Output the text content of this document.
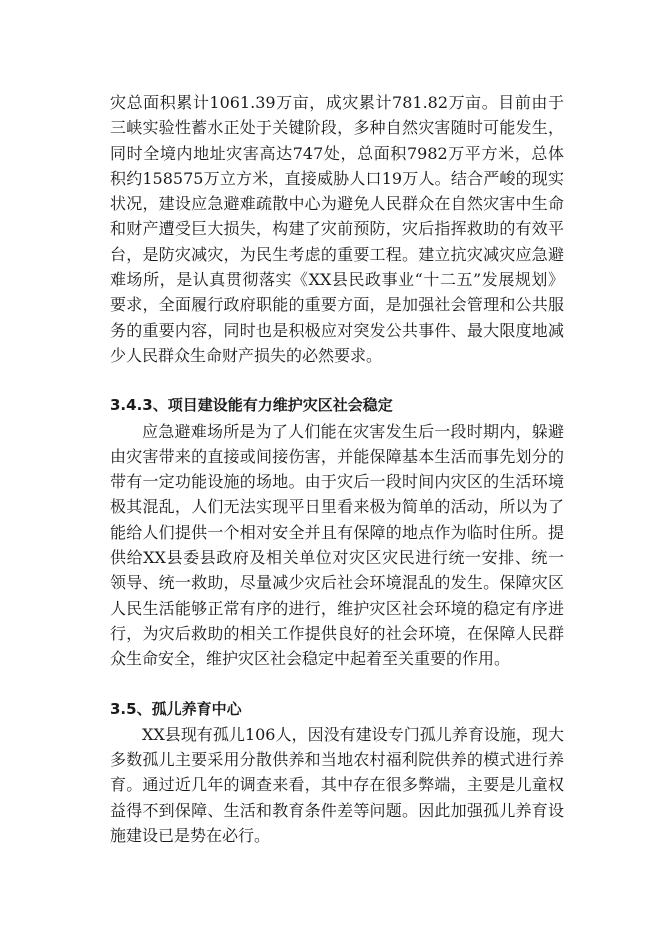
灾总面积累计1061.39万亩，成灾累计781.82万亩。目前由于三峡实验性蓄水正处于关键阶段，多种自然灾害随时可能发生，同时全境内地址灾害高达747处，总面积7982万平方米，总体积约158575万立方米，直接威胁人口19万人。结合严峻的现实状况，建设应急避难疏散中心为避免人民群众在自然灾害中生命和财产遭受巨大损失，构建了灾前预防，灾后指挥救助的有效平台，是防灾减灾，为民生考虑的重要工程。建立抗灾减灾应急避难场所，是认真贯彻落实《XX县民政事业“十二五”发展规划》要求，全面履行政府职能的重要方面，是加强社会管理和公共服务的重要内容，同时也是积极应对突发公共事件、最大限度地减少人民群众生命财产损失的必然要求。

3.4.3、项目建设能有力维护灾区社会稳定

应急避难场所是为了人们能在灾害发生后一段时期内，躲避由灾害带来的直接或间接伤害，并能保障基本生活而事先划分的带有一定功能设施的场地。由于灾后一段时间内灾区的生活环境极其混乱，人们无法实现平日里看来极为简单的活动，所以为了能给人们提供一个相对安全并且有保障的地点作为临时住所。提供给XX县委县政府及相关单位对灾区灾民进行统一安排、统一领导、统一救助，尽量减少灾后社会环境混乱的发生。保障灾区人民生活能够正常有序的进行，维护灾区社会环境的稳定有序进行，为灾后救助的相关工作提供良好的社会环境，在保障人民群众生命安全，维护灾区社会稳定中起着至关重要的作用。

3.5、孤儿养育中心

XX县现有孤儿106人，因没有建设专门孤儿养育设施，现大多数孤儿主要采用分散供养和当地农村福利院供养的模式进行养育。通过近几年的调查来看，其中存在很多弊端，主要是儿童权益得不到保障、生活和教育条件差等问题。因此加强孤儿养育设施建设已是势在必行。
